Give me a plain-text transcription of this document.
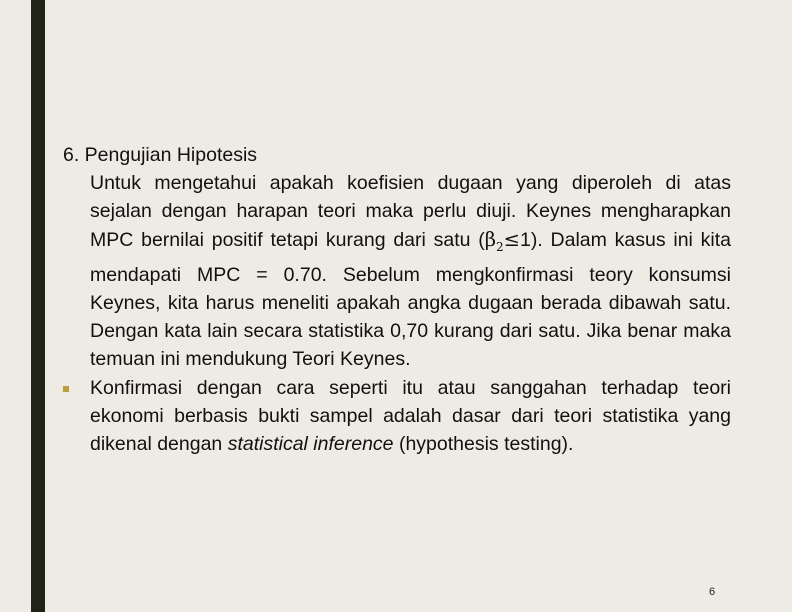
6. Pengujian Hipotesis
Untuk mengetahui apakah koefisien dugaan yang diperoleh di atas sejalan dengan harapan teori maka perlu diuji. Keynes mengharapkan MPC bernilai positif tetapi kurang dari satu $(\beta_2\le 1)$. Dalam kasus ini kita mendapati MPC = 0.70. Sebelum mengkonfirmasi teory konsumsi Keynes, kita harus meneliti apakah angka dugaan berada dibawah satu. Dengan kata lain secara statistika 0,70 kurang dari satu. Jika benar maka temuan ini mendukung Teori Keynes.
Konfirmasi dengan cara seperti itu atau sanggahan terhadap teori ekonomi berbasis bukti sampel adalah dasar dari teori statistika yang dikenal dengan statistical inference (hypothesis testing).
6
